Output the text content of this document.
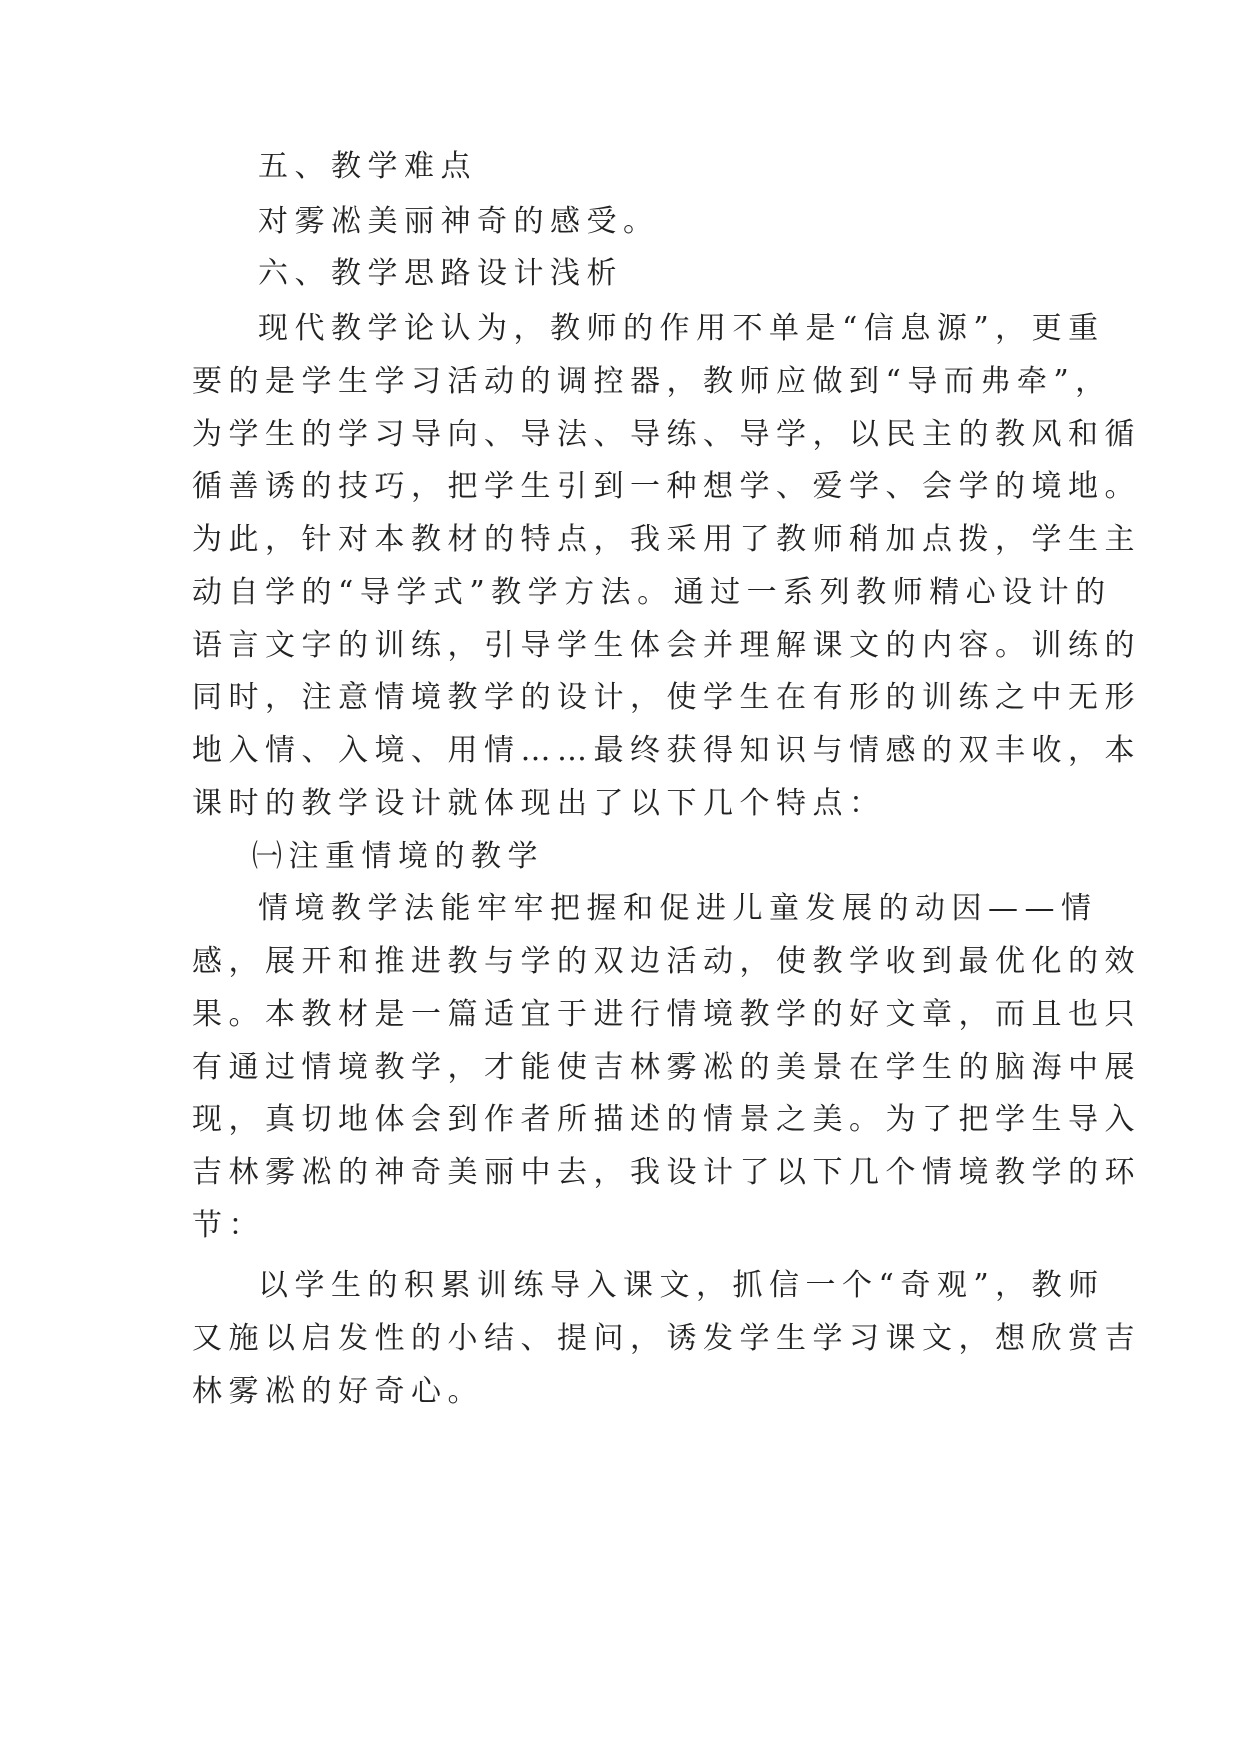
五、教学难点
对雾凇美丽神奇的感受。
六、教学思路设计浅析
现代教学论认为，教师的作用不单是“信息源”，更重
要的是学生学习活动的调控器，教师应做到“导而弗牵”，
为学生的学习导向、导法、导练、导学，以民主的教风和循
循善诱的技巧，把学生引到一种想学、爱学、会学的境地。
为此，针对本教材的特点，我采用了教师稍加点拨，学生主
动自学的“导学式”教学方法。通过一系列教师精心设计的
语言文字的训练，引导学生体会并理解课文的内容。训练的
同时，注意情境教学的设计，使学生在有形的训练之中无形
地入情、入境、用情……最终获得知识与情感的双丰收，本
课时的教学设计就体现出了以下几个特点：
㈠注重情境的教学
情境教学法能牢牢把握和促进儿童发展的动因——情
感，展开和推进教与学的双边活动，使教学收到最优化的效
果。本教材是一篇适宜于进行情境教学的好文章，而且也只
有通过情境教学，才能使吉林雾凇的美景在学生的脑海中展
现，真切地体会到作者所描述的情景之美。为了把学生导入
吉林雾凇的神奇美丽中去，我设计了以下几个情境教学的环
节：
以学生的积累训练导入课文，抓信一个“奇观”，教师
又施以启发性的小结、提问，诱发学生学习课文，想欣赏吉
林雾凇的好奇心。
